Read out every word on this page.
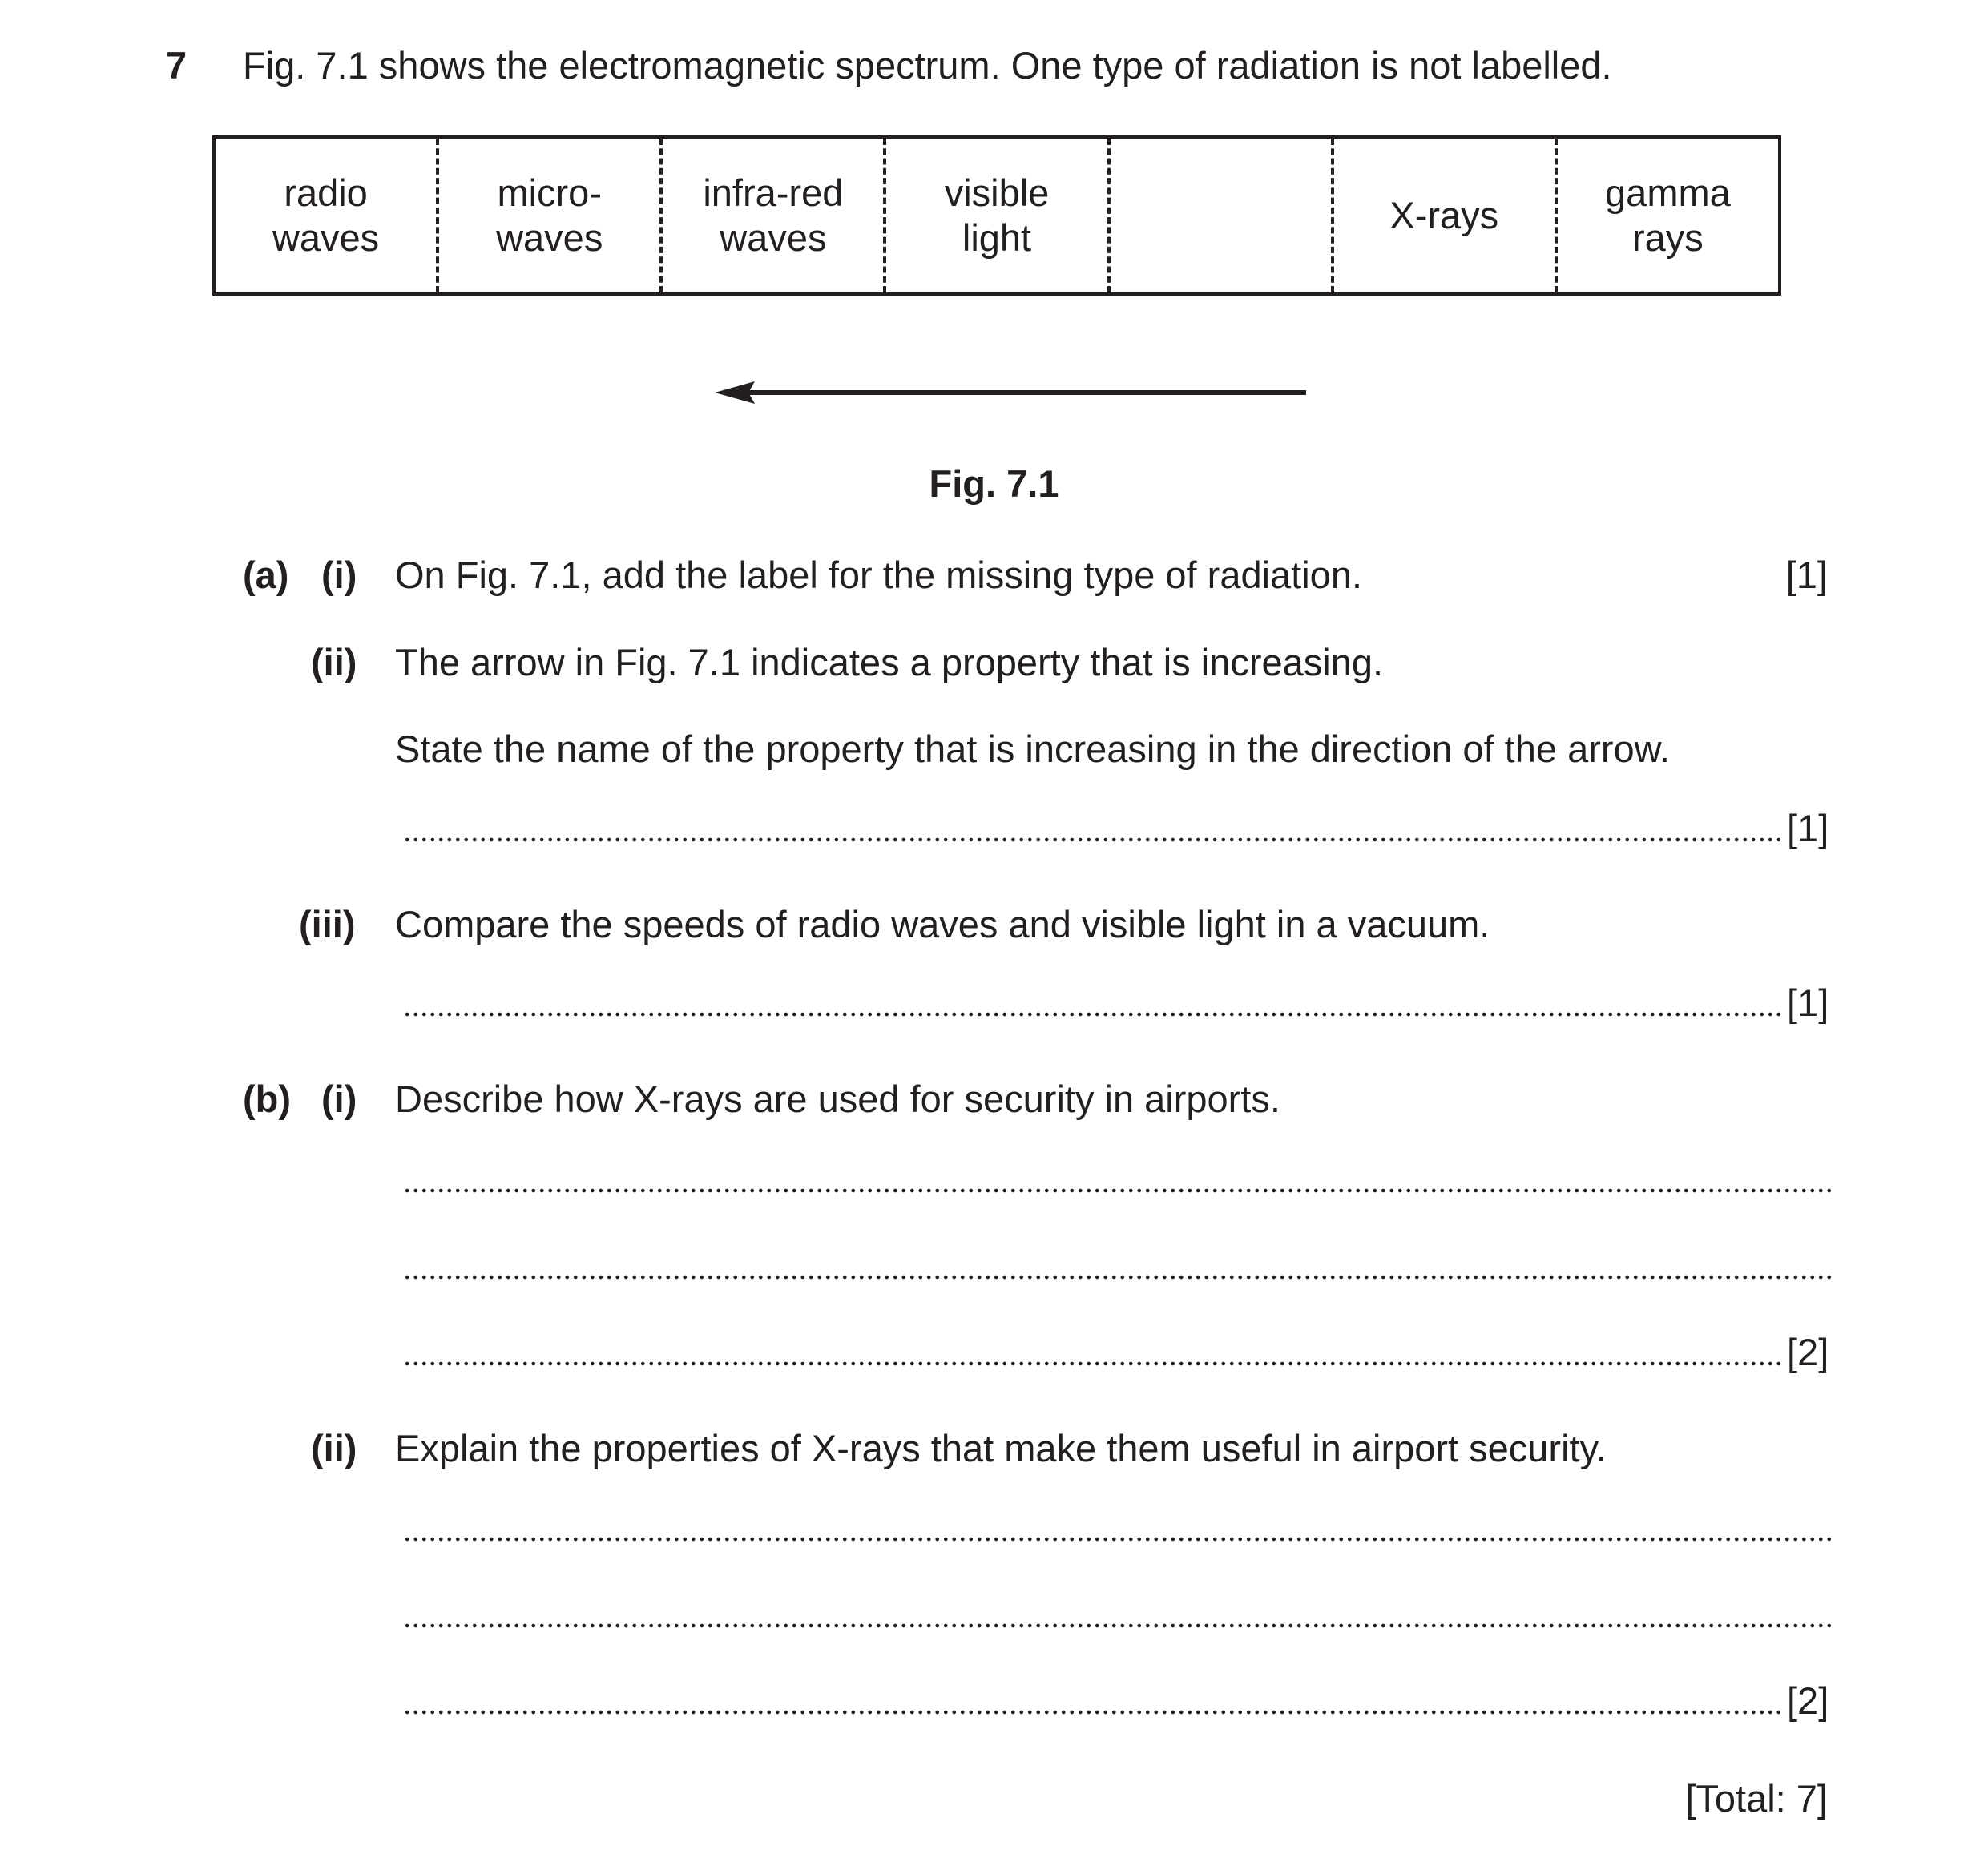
7 Fig. 7.1 shows the electromagnetic spectrum. One type of radiation is not labelled.
radio
waves
micro-
waves
infra-red
waves
visible
light
X-rays
gamma
rays
Fig. 7.1
(a) (i) On Fig. 7.1, add the label for the missing type of radiation.	[1]
(ii) The arrow in Fig. 7.1 indicates a property that is increasing.
State the name of the property that is increasing in the direction of the arrow.
[1]
(iii) Compare the speeds of radio waves and visible light in a vacuum.
[1]
(b) (i) Describe how X-rays are used for security in airports.
[2]
(ii) Explain the properties of X-rays that make them useful in airport security.
[2]
[Total: 7]
